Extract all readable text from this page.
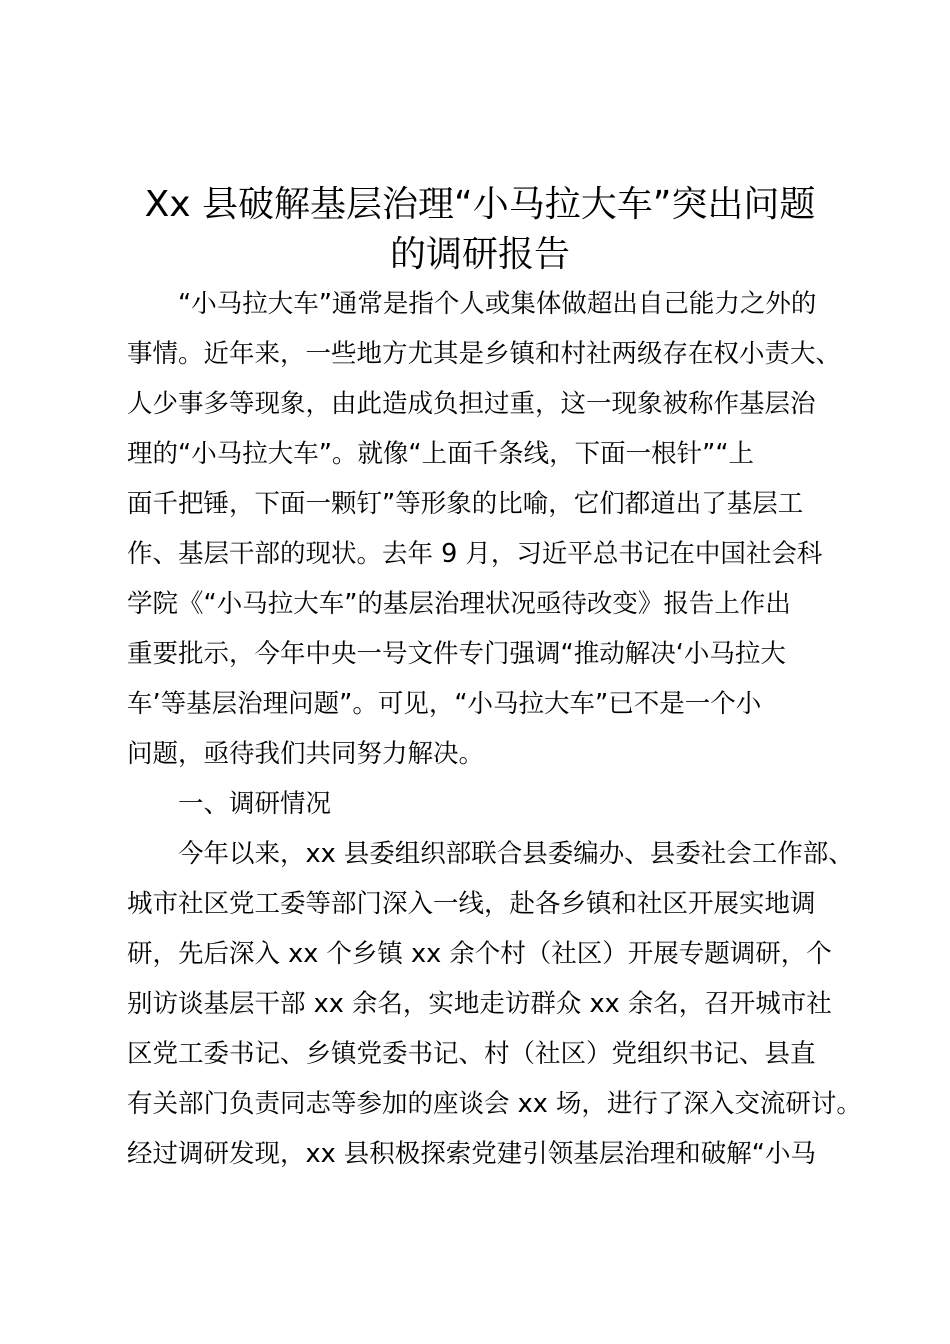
Xx 县破解基层治理“小马拉大车”突出问题
的调研报告

“小马拉大车”通常是指个人或集体做超出自己能力之外的

事情。近年来，一些地方尤其是乡镇和村社两级存在权小责大、

人少事多等现象，由此造成负担过重，这一现象被称作基层治

理的“小马拉大车”。就像“上面千条线，下面一根针”“上

面千把锤，下面一颗钉”等形象的比喻，它们都道出了基层工

作、基层干部的现状。去年 9 月，习近平总书记在中国社会科

学院《“小马拉大车”的基层治理状况亟待改变》报告上作出

重要批示，今年中央一号文件专门强调“推动解决‘小马拉大

车’等基层治理问题”。可见，“小马拉大车”已不是一个小

问题，亟待我们共同努力解决。

一、调研情况

今年以来，xx 县委组织部联合县委编办、县委社会工作部、

城市社区党工委等部门深入一线，赴各乡镇和社区开展实地调

研，先后深入 xx 个乡镇 xx 余个村（社区）开展专题调研，个

别访谈基层干部 xx 余名，实地走访群众 xx 余名，召开城市社

区党工委书记、乡镇党委书记、村（社区）党组织书记、县直

有关部门负责同志等参加的座谈会 xx 场，进行了深入交流研讨。

经过调研发现，xx 县积极探索党建引领基层治理和破解“小马
